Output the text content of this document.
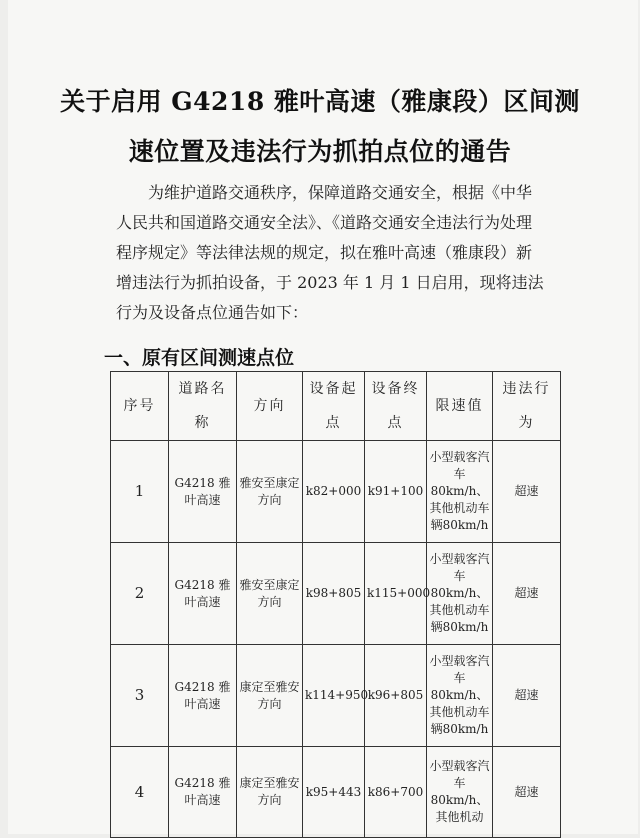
关于启用 G4218 雅叶高速（雅康段）区间测
速位置及违法行为抓拍点位的通告
为维护道路交通秩序，保障道路交通安全，根据《中华
人民共和国道路交通安全法》、《道路交通安全违法行为处理
程序规定》等法律法规的规定，拟在雅叶高速（雅康段）新
增违法行为抓拍设备，于 2023 年 1 月 1 日启用，现将违法
行为及设备点位通告如下：
一、原有区间测速点位
序号	道路名称	方向	设备起点	设备终点	限速值	违法行为
1	G4218 雅叶高速	雅安至康定方向	k82+000	k91+100	小型载客汽车80km/h、其他机动车辆80km/h	超速
2	G4218 雅叶高速	雅安至康定方向	k98+805	k115+000	小型载客汽车80km/h、其他机动车辆80km/h	超速
3	G4218 雅叶高速	康定至雅安方向	k114+950	k96+805	小型载客汽车80km/h、其他机动车辆80km/h	超速
4	G4218 雅叶高速	康定至雅安方向	k95+443	k86+700	小型载客汽车80km/h、其他机动	超速
